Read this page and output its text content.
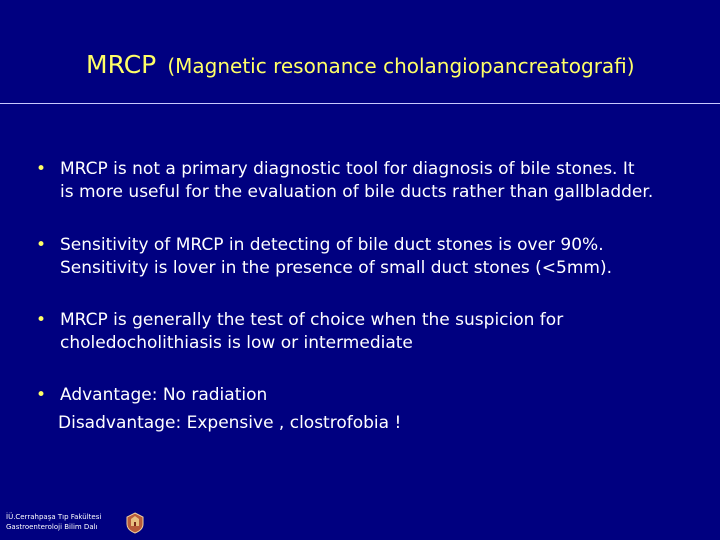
MRCP (Magnetic resonance cholangiopancreatografi)
• MRCP is not a primary diagnostic tool for diagnosis of bile stones. It
is more useful for the evaluation of bile ducts rather than gallbladder.
• Sensitivity of MRCP in detecting of bile duct stones is over 90%.
Sensitivity is lover in the presence of small duct stones (<5mm).
• MRCP is generally the test of choice when the suspicion for
choledocholithiasis is low or intermediate
• Advantage: No radiation
Disadvantage: Expensive , clostrofobia !
İÜ.Cerrahpaşa Tıp Fakültesi
Gastroenteroloji Bilim Dalı
